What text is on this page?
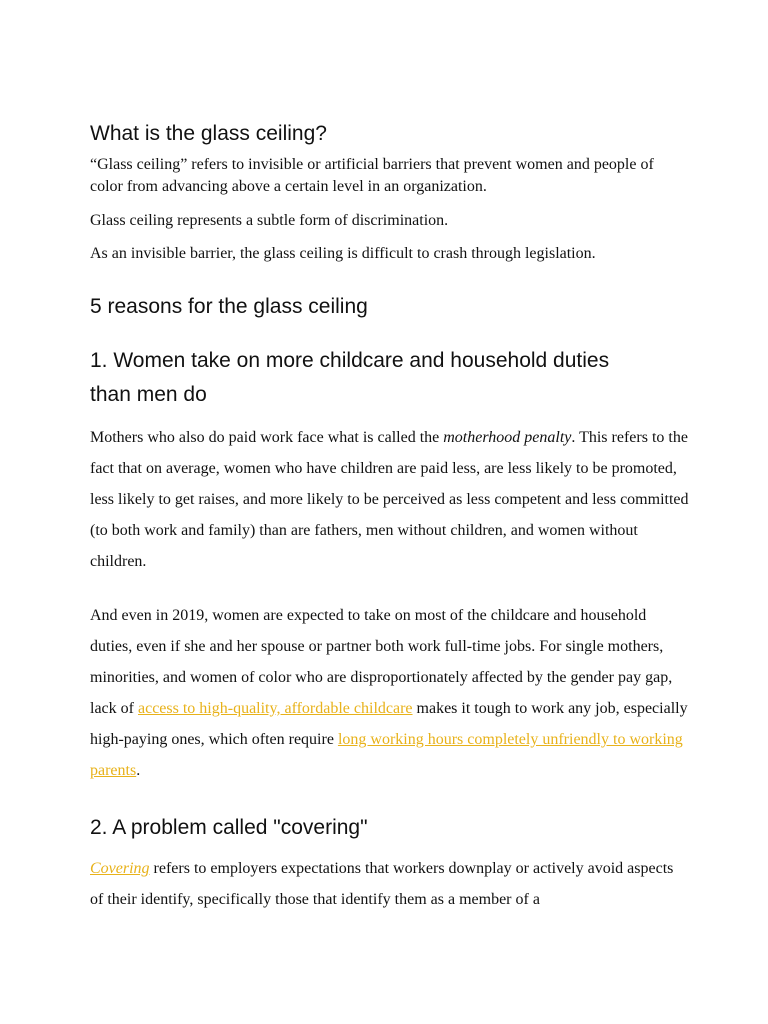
What is the glass ceiling?

“Glass ceiling” refers to invisible or artificial barriers that prevent women and people of color from advancing above a certain level in an organization.

Glass ceiling represents a subtle form of discrimination.

As an invisible barrier, the glass ceiling is difficult to crash through legislation.

5 reasons for the glass ceiling
1. Women take on more childcare and household duties than men do

Mothers who also do paid work face what is called the motherhood penalty. This refers to the fact that on average, women who have children are paid less, are less likely to be promoted, less likely to get raises, and more likely to be perceived as less competent and less committed (to both work and family) than are fathers, men without children, and women without children.

And even in 2019, women are expected to take on most of the childcare and household duties, even if she and her spouse or partner both work full-time jobs. For single mothers, minorities, and women of color who are disproportionately affected by the gender pay gap, lack of access to high-quality, affordable childcare makes it tough to work any job, especially high-paying ones, which often require long working hours completely unfriendly to working parents.

2. A problem called "covering"

Covering refers to employers expectations that workers downplay or actively avoid aspects of their identify, specifically those that identify them as a member of a
